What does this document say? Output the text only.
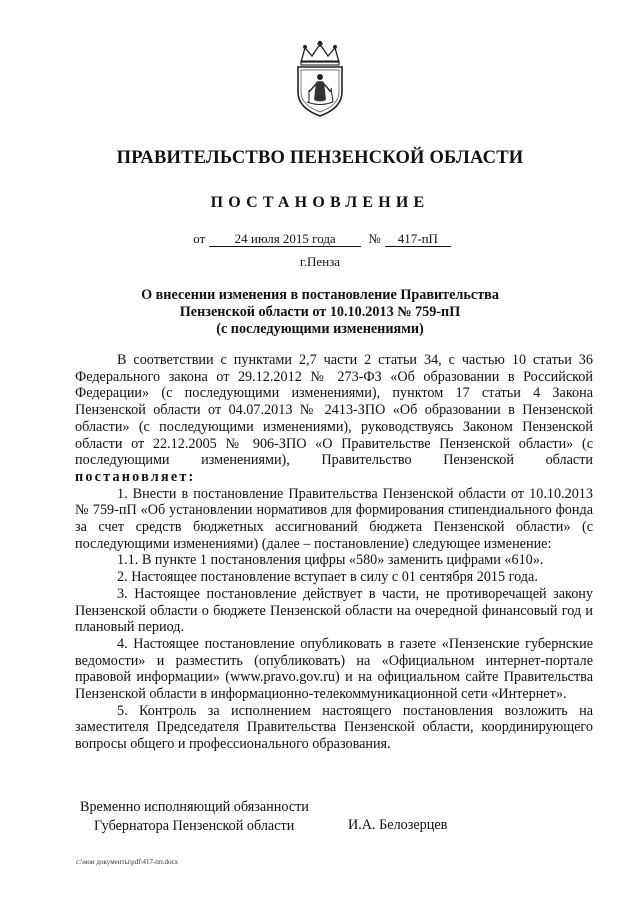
ПРАВИТЕЛЬСТВО ПЕНЗЕНСКОЙ ОБЛАСТИ
ПОСТАНОВЛЕНИЕ
от 24 июля 2015 года	№ 417-пП
г.Пенза
О внесении изменения в постановление Правительства
Пензенской области от 10.10.2013 № 759-пП
(с последующими изменениями)

В соответствии с пунктами 2,7 части 2 статьи 34, с частью 10 статьи 36 Федерального закона от 29.12.2012 № 273-ФЗ «Об образовании в Российской Федерации» (с последующими изменениями), пунктом 17 статьи 4 Закона Пензенской области от 04.07.2013 № 2413-ЗПО «Об образовании в Пензенской области» (с последующими изменениями), руководствуясь Законом Пензенской области от 22.12.2005 № 906-ЗПО «О Правительстве Пензенской области» (с последующими изменениями), Правительство Пензенской области постановляет:

1. Внести в постановление Правительства Пензенской области от 10.10.2013 № 759-пП «Об установлении нормативов для формирования стипендиального фонда за счет средств бюджетных ассигнований бюджета Пензенской области» (с последующими изменениями) (далее – постановление) следующее изменение:

1.1. В пункте 1 постановления цифры «580» заменить цифрами «610».

2. Настоящее постановление вступает в силу с 01 сентября 2015 года.

3. Настоящее постановление действует в части, не противоречащей закону Пензенской области о бюджете Пензенской области на очередной финансовый год и плановый период.

4. Настоящее постановление опубликовать в газете «Пензенские губернские ведомости» и разместить (опубликовать) на «Официальном интернет-портале правовой информации» (www.pravo.gov.ru) и на официальном сайте Правительства Пензенской области в информационно-телекоммуникационной сети «Интернет».

5. Контроль за исполнением настоящего постановления возложить на заместителя Председателя Правительства Пензенской области, координирующего вопросы общего и профессионального образования.

Временно исполняющий обязанности
Губернатора Пензенской области	И.А. Белозерцев
c:\мои документы\pdf\417-пп.docx
